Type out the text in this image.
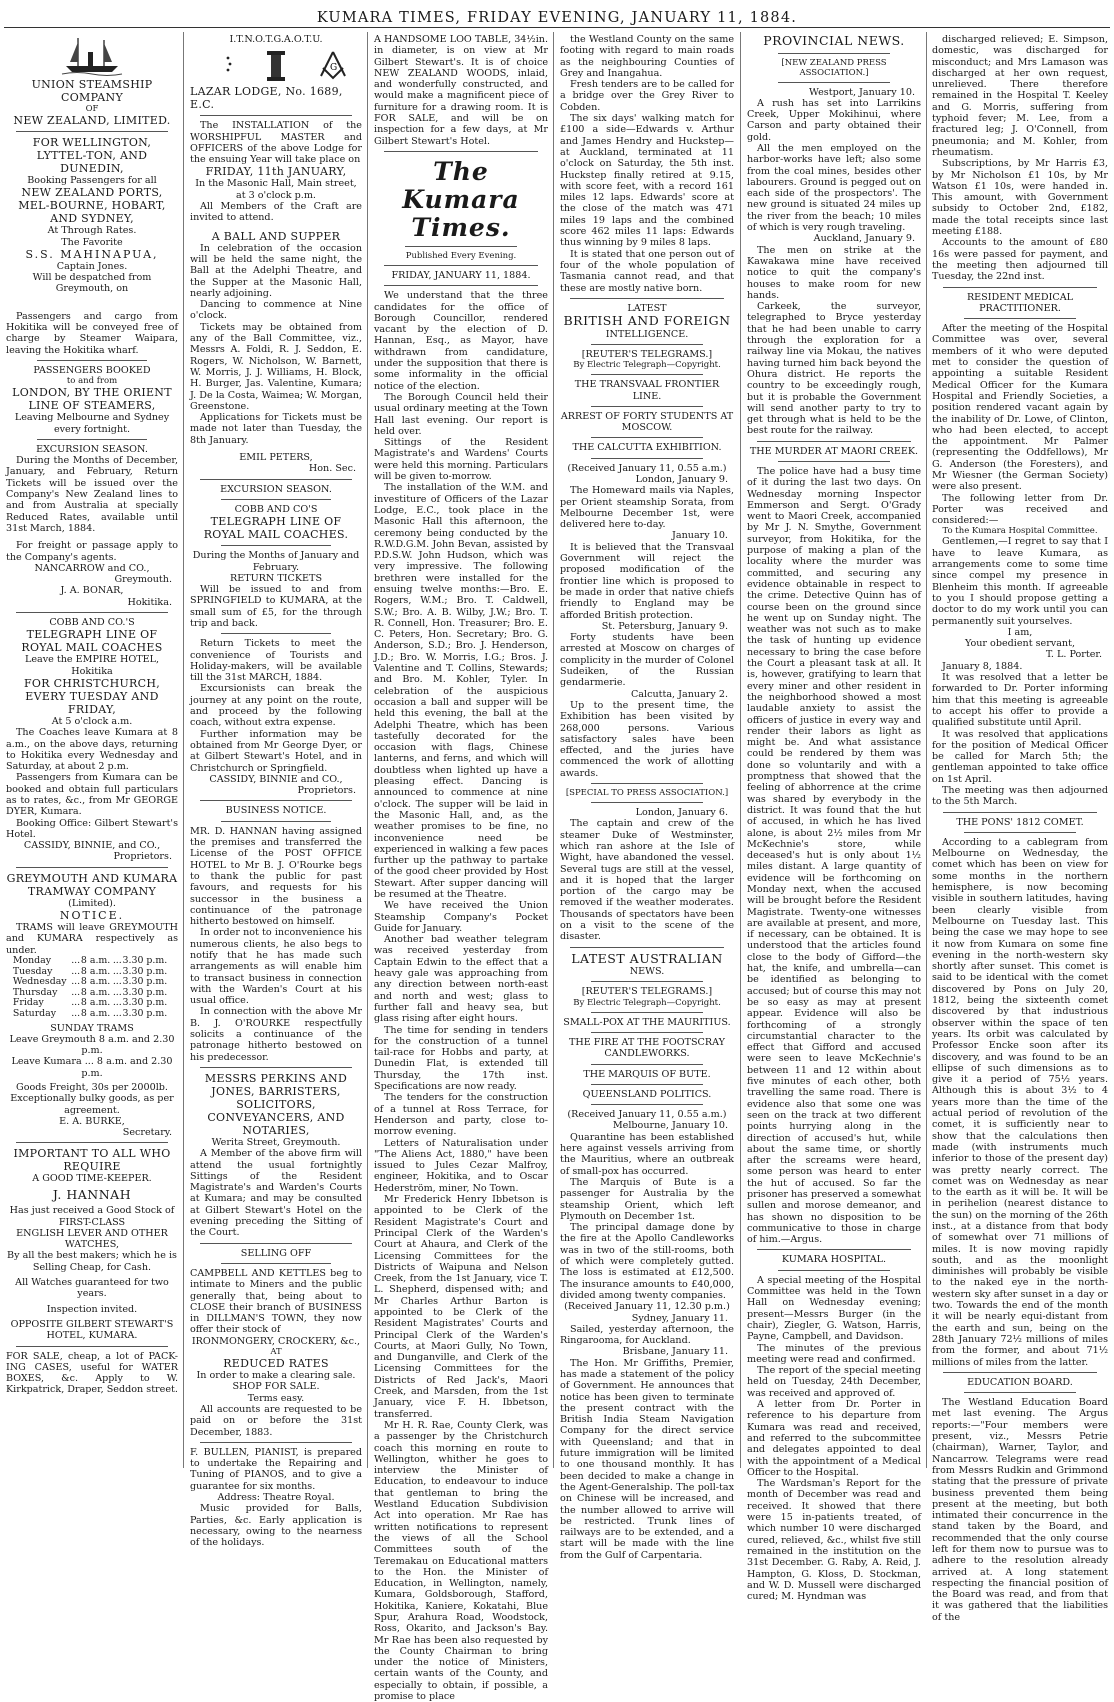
KUMARA TIMES, FRIDAY EVENING, JANUARY 11, 1884.
UNION STEAMSHIP COMPANY
OF
NEW ZEALAND, LIMITED.
FOR WELLINGTON, LYTTEL-TON, AND DUNEDIN,
Booking Passengers for all
NEW ZEALAND PORTS, MEL-BOURNE, HOBART, AND SYDNEY,
At Through Rates.
The Favorite
S.S. MAHINAPUA,
Captain Jones.
Will be despatched from Greymouth, on
Passengers and cargo from Hokitika will be conveyed free of charge by Steamer Waipara, leaving the Hokitika wharf.
PASSENGERS BOOKED
to and from
LONDON, BY THE ORIENT LINE OF STEAMERS,
Leaving Melbourne and Sydney every fortnight.
EXCURSION SEASON.
During the Months of December, January, and February, Return Tickets will be issued over the Company's New Zealand lines to and from Australia at specially Reduced Rates, available until 31st March, 1884.
For freight or passage apply to the Company's agents.
NANCARROW and CO.,
Greymouth.
J. A. BONAR,
Hokitika.
COBB AND CO.'S
TELEGRAPH LINE OF ROYAL MAIL COACHES
Leave the EMPIRE HOTEL, Hokitika
FOR CHRISTCHURCH,
EVERY TUESDAY AND FRIDAY,
At 5 o'clock a.m.
The Coaches leave Kumara at 8 a.m., on the above days, returning to Hokitika every Wednesday and Saturday, at about 2 p.m.
Passengers from Kumara can be booked and obtain full particulars as to rates, &c., from Mr GEORGE DYER, Kumara.
Booking Office: Gilbert Stewart's Hotel.
CASSIDY, BINNIE, and CO.,
Proprietors.
GREYMOUTH AND KUMARA TRAMWAY COMPANY
(Limited).
NOTICE.
TRAMS will leave GREYMOUTH and KUMARA respectively as under.
Monday	...	8 a.m.	...	3.30 p.m.
Tuesday	...	8 a.m.	...	3.30 p.m.
Wednesday	...	8 a.m.	...	3.30 p.m.
Thursday	...	8 a.m.	...	3.30 p.m.
Friday	...	8 a.m.	...	3.30 p.m.
Saturday	...	8 a.m.	...	3.30 p.m.
SUNDAY TRAMS
Leave Greymouth 8 a.m. and 2.30 p.m.
Leave Kumara ... 8 a.m. and 2.30 p.m.
Goods Freight, 30s per 2000lb.
Exceptionally bulky goods, as per agreement.
E. A. BURKE,
Secretary.
IMPORTANT TO ALL WHO REQUIRE
A GOOD TIME-KEEPER.
J. HANNAH
Has just received a Good Stock of
FIRST-CLASS
ENGLISH LEVER AND OTHER WATCHES,
By all the best makers; which he is Selling Cheap, for Cash.
All Watches guaranteed for two years.
Inspection invited.
OPPOSITE GILBERT STEWART'S HOTEL, KUMARA.
FOR SALE, cheap, a lot of PACK-ING CASES, useful for WATER BOXES, &c. Apply to W. Kirkpatrick, Draper, Seddon street.
I.T.N.O.T.G.A.O.T.U.
G
LAZAR LODGE, No. 1689, E.C.
The INSTALLATION of the WORSHIPFUL MASTER and OFFICERS of the above Lodge for the ensuing Year will take place on
FRIDAY, 11th JANUARY,
In the Masonic Hall, Main street, at 3 o'clock p.m.
All Members of the Craft are invited to attend.
A BALL AND SUPPER
In celebration of the occasion will be held the same night, the Ball at the Adelphi Theatre, and the Supper at the Masonic Hall, nearly adjoining.
Dancing to commence at Nine o'clock.
Tickets may be obtained from any of the Ball Committee, viz., Messrs A. Foldi, R. J. Seddon, E. Rogers, W. Nicholson, W. Barnett, W. Morris, J. J. Williams, H. Block, H. Burger, Jas. Valentine, Kumara; J. De la Costa, Waimea; W. Morgan, Greenstone.
Applications for Tickets must be made not later than Tuesday, the 8th January.
EMIL PETERS,
Hon. Sec.
EXCURSION SEASON.
COBB AND CO'S
TELEGRAPH LINE OF ROYAL MAIL COACHES.
During the Months of January and February.
RETURN TICKETS
Will be issued to and from SPRINGFIELD to KUMARA, at the small sum of £5, for the through trip and back.
Return Tickets to meet the convenience of Tourists and Holiday-makers, will be available till the 31st MARCH, 1884.
Excursionists can break the journey at any point on the route, and proceed by the following coach, without extra expense.
Further information may be obtained from Mr George Dyer, or at Gilbert Stewart's Hotel, and in Christchurch or Springfield.
CASSIDY, BINNIE and CO.,
Proprietors.
BUSINESS NOTICE.
MR. D. HANNAN having assigned the premises and transferred the License of the POST OFFICE HOTEL to Mr B. J. O'Rourke begs to thank the public for past favours, and requests for his successor in the business a continuance of the patronage hitherto bestowed on himself.
In order not to inconvenience his numerous clients, he also begs to notify that he has made such arrangements as will enable him to transact business in connection with the Warden's Court at his usual office.
In connection with the above Mr B. J. O'ROURKE respectfully solicits a continuance of the patronage hitherto bestowed on his predecessor.
MESSRS PERKINS AND JONES, BARRISTERS,
SOLICITORS, CONVEYANCERS, AND NOTARIES,
Werita Street, Greymouth.
A Member of the above firm will attend the usual fortnightly Sittings of the Resident Magistrate's and Warden's Courts at Kumara; and may be consulted at Gilbert Stewart's Hotel on the evening preceding the Sitting of the Court.
SELLING OFF
CAMPBELL AND KETTLES beg to intimate to Miners and the public generally that, being about to CLOSE their branch of BUSINESS in DILLMAN'S TOWN, they now offer their stock of
IRONMONGERY, CROCKERY, &c.,
AT
REDUCED RATES
In order to make a clearing sale.
SHOP FOR SALE.
Terms easy.
All accounts are requested to be paid on or before the 31st December, 1883.
F. BULLEN, PIANIST, is prepared to undertake the Repairing and Tuning of PIANOS, and to give a guarantee for six months.
Address: Theatre Royal.
Music provided for Balls, Parties, &c. Early application is necessary, owing to the nearness of the holidays.
A HANDSOME LOO TABLE, 34½in. in diameter, is on view at Mr Gilbert Stewart's. It is of choice NEW ZEALAND WOODS, inlaid, and wonderfully constructed, and would make a magnificent piece of furniture for a drawing room. It is FOR SALE, and will be on inspection for a few days, at Mr Gilbert Stewart's Hotel.
The Kumara Times.
Published Every Evening.
FRIDAY, JANUARY 11, 1884.
We understand that the three candidates for the office of Borough Councillor, rendered vacant by the election of D. Hannan, Esq., as Mayor, have withdrawn from candidature, under the supposition that there is some informality in the official notice of the election.
The Borough Council held their usual ordinary meeting at the Town Hall last evening. Our report is held over.
Sittings of the Resident Magistrate's and Wardens' Courts were held this morning. Particulars will be given to-morrow.
The installation of the W.M. and investiture of Officers of the Lazar Lodge, E.C., took place in the Masonic Hall this afternoon, the ceremony being conducted by the R.W.D.G.M. John Bevan, assisted by P.D.S.W. John Hudson, which was very impressive. The following brethren were installed for the ensuing twelve months:—Bro. E. Rogers, W.M.; Bro. T. Caldwell, S.W.; Bro. A. B. Wilby, J.W.; Bro. T. R. Connell, Hon. Treasurer; Bro. E. C. Peters, Hon. Secretary; Bro. G. Anderson, S.D.; Bro. J. Henderson, J.D.; Bro. W. Morris, I.G.; Bros. J. Valentine and T. Collins, Stewards; and Bro. M. Kohler, Tyler. In celebration of the auspicious occasion a ball and supper will be held this evening, the ball at the Adelphi Theatre, which has been tastefully decorated for the occasion with flags, Chinese lanterns, and ferns, and which will doubtless when lighted up have a pleasing effect. Dancing is announced to commence at nine o'clock. The supper will be laid in the Masonic Hall, and, as the weather promises to be fine, no inconvenience need be experienced in walking a few paces further up the pathway to partake of the good cheer provided by Host Stewart. After supper dancing will be resumed at the Theatre.
We have received the Union Steamship Company's Pocket Guide for January.
Another bad weather telegram was received yesterday from Captain Edwin to the effect that a heavy gale was approaching from any direction between north-east and north and west; glass to further fall and heavy sea, but glass rising after eight hours.
The time for sending in tenders for the construction of a tunnel tail-race for Hobbs and party, at Dunedin Flat, is extended till Thursday, the 17th inst. Specifications are now ready.
The tenders for the construction of a tunnel at Ross Terrace, for Henderson and party, close to-morrow evening.
Letters of Naturalisation under "The Aliens Act, 1880," have been issued to Jules Cezar Malfroy, engineer, Hokitika, and to Oscar Hederström, miner, No Town.
Mr Frederick Henry Ibbetson is appointed to be Clerk of the Resident Magistrate's Court and Principal Clerk of the Warden's Court at Ahaura, and Clerk of the Licensing Committees for the Districts of Waipuna and Nelson Creek, from the 1st January, vice T. L. Shepherd, dispensed with; and Mr Charles Arthur Barton is appointed to be Clerk of the Resident Magistrates' Courts and Principal Clerk of the Warden's Courts, at Maori Gully, No Town, and Dunganville, and Clerk of the Licensing Committees for the Districts of Red Jack's, Maori Creek, and Marsden, from the 1st January, vice F. H. Ibbetson, transferred.
Mr H. R. Rae, County Clerk, was a passenger by the Christchurch coach this morning en route to Wellington, whither he goes to interview the Minister of Education, to endeavour to induce that gentleman to bring the Westland Education Subdivision Act into operation. Mr Rae has written notifications to represent the views of all the School Committees south of the Teremakau on Educational matters to the Hon. the Minister of Education, in Wellington, namely, Kumara, Goldsborough, Stafford, Hokitika, Kaniere, Kokatahi, Blue Spur, Arahura Road, Woodstock, Ross, Okarito, and Jackson's Bay. Mr Rae has been also requested by the County Chairman to bring under the notice of Ministers, certain wants of the County, and especially to obtain, if possible, a promise to place
the Westland County on the same footing with regard to main roads as the neighbouring Counties of Grey and Inangahua.
Fresh tenders are to be called for a bridge over the Grey River to Cobden.
The six days' walking match for £100 a side—Edwards v. Arthur and James Hendry and Huckstep—at Auckland, terminated at 11 o'clock on Saturday, the 5th inst. Huckstep finally retired at 9.15, with score feet, with a record 161 miles 12 laps. Edwards' score at the close of the match was 471 miles 19 laps and the combined score 462 miles 11 laps: Edwards thus winning by 9 miles 8 laps.
It is stated that one person out of four of the whole population of Tasmania cannot read, and that these are mostly native born.
LATEST
BRITISH AND FOREIGN
INTELLIGENCE.
[REUTER'S TELEGRAMS.]
By Electric Telegraph—Copyright.
THE TRANSVAAL FRONTIER LINE.
ARREST OF FORTY STUDENTS AT MOSCOW.
THE CALCUTTA EXHIBITION.
(Received January 11, 0.55 a.m.)
London, January 9.
The Homeward mails via Naples, per Orient steamship Sorata, from Melbourne December 1st, were delivered here to-day.
January 10.
It is believed that the Transvaal Government will reject the proposed modification of the frontier line which is proposed to be made in order that native chiefs friendly to England may be afforded British protection.
St. Petersburg, January 9.
Forty students have been arrested at Moscow on charges of complicity in the murder of Colonel Sudeiken, of the Russian gendarmerie.
Calcutta, January 2.
Up to the present time, the Exhibition has been visited by 268,000 persons. Various satisfactory sales have been effected, and the juries have commenced the work of allotting awards.
[SPECIAL TO PRESS ASSOCIATION.]
London, January 6.
The captain and crew of the steamer Duke of Westminster, which ran ashore at the Isle of Wight, have abandoned the vessel. Several tugs are still at the vessel, and it is hoped that the larger portion of the cargo may be removed if the weather moderates. Thousands of spectators have been on a visit to the scene of the disaster.
LATEST AUSTRALIAN
NEWS.
[REUTER'S TELEGRAMS.]
By Electric Telegraph—Copyright.
SMALL-POX AT THE MAURITIUS.
THE FIRE AT THE FOOTSCRAY CANDLEWORKS.
THE MARQUIS OF BUTE.
QUEENSLAND POLITICS.
(Received January 11, 0.55 a.m.)
Melbourne, January 10.
Quarantine has been established here against vessels arriving from the Mauritius, where an outbreak of small-pox has occurred.
The Marquis of Bute is a passenger for Australia by the steamship Orient, which left Plymouth on December 1st.
The principal damage done by the fire at the Apollo Candleworks was in two of the still-rooms, both of which were completely gutted. The loss is estimated at £12,500. The insurance amounts to £40,000, divided among twenty companies.
(Received January 11, 12.30 p.m.)
Sydney, January 11.
Sailed, yesterday afternoon, the Ringarooma, for Auckland.
Brisbane, January 11.
The Hon. Mr Griffiths, Premier, has made a statement of the policy of Government. He announces that notice has been given to terminate the present contract with the British India Steam Navigation Company for the direct service with Queensland; and that in future immigration will be limited to one thousand monthly. It has been decided to make a change in the Agent-Generalship. The poll-tax on Chinese will be increased, and the number allowed to arrive will be restricted. Trunk lines of railways are to be extended, and a start will be made with the line from the Gulf of Carpentaria.
PROVINCIAL NEWS.
[NEW ZEALAND PRESS ASSOCIATION.]
Westport, January 10.
A rush has set into Larrikins Creek, Upper Mokihinui, where Carson and party obtained their gold.
All the men employed on the harbor-works have left; also some from the coal mines, besides other labourers. Ground is pegged out on each side of the prospectors'. The new ground is situated 24 miles up the river from the beach; 10 miles of which is very rough traveling.
Auckland, January 9.
The men on strike at the Kawakawa mine have received notice to quit the company's houses to make room for new hands.
Carkeek, the surveyor, telegraphed to Bryce yesterday that he had been unable to carry through the exploration for a railway line via Mokau, the natives having turned him back beyond the Ohura district. He reports the country to be exceedingly rough, but it is probable the Government will send another party to try to get through what is held to be the best route for the railway.
THE MURDER AT MAORI CREEK.
The police have had a busy time of it during the last two days. On Wednesday morning Inspector Emmerson and Sergt. O'Grady went to Maori Creek, accompanied by Mr J. N. Smythe, Government surveyor, from Hokitika, for the purpose of making a plan of the locality where the murder was committed, and securing any evidence obtainable in respect to the crime. Detective Quinn has of course been on the ground since he went up on Sunday night. The weather was not such as to make the task of hunting up evidence necessary to bring the case before the Court a pleasant task at all. It is, however, gratifying to learn that every miner and other resident in the neighborhood showed a most laudable anxiety to assist the officers of justice in every way and render their labors as light as might be. And what assistance could be rendered by them was done so voluntarily and with a promptness that showed that the feeling of abhorrence at the crime was shared by everybody in the district. It was found that the hut of accused, in which he has lived alone, is about 2½ miles from Mr McKechnie's store, while deceased's hut is only about 1½ miles distant. A large quantity of evidence will be forthcoming on Monday next, when the accused will be brought before the Resident Magistrate. Twenty-one witnesses are available at present, and more, if necessary, can be obtained. It is understood that the articles found close to the body of Gifford—the hat, the knife, and umbrella—can be identified as belonging to accused; but of course this may not be so easy as may at present appear. Evidence will also be forthcoming of a strongly circumstantial character to the effect that Gifford and accused were seen to leave McKechnie's between 11 and 12 within about five minutes of each other, both travelling the same road. There is evidence also that some one was seen on the track at two different points hurrying along in the direction of accused's hut, while about the same time, or shortly after the screams were heard, some person was heard to enter the hut of accused. So far the prisoner has preserved a somewhat sullen and morose demeanor, and has shown no disposition to be communicative to those in charge of him.—Argus.
KUMARA HOSPITAL.
A special meeting of the Hospital Committee was held in the Town Hall on Wednesday evening; present—Messrs Burger (in the chair), Ziegler, G. Watson, Harris, Payne, Campbell, and Davidson.
The minutes of the previous meeting were read and confirmed.
The report of the special meeting held on Tuesday, 24th December, was received and approved of.
A letter from Dr. Porter in reference to his departure from Kumara was read and received, and referred to the subcommittee and delegates appointed to deal with the appointment of a Medical Officer to the Hospital.
The Wardsman's Report for the month of December was read and received. It showed that there were 15 in-patients treated, of which number 10 were discharged cured, relieved, &c., whilst five still remained in the institution on the 31st December. G. Raby, A. Reid, J. Hampton, G. Kloss, D. Stockman, and W. D. Mussell were discharged cured; M. Hyndman was
discharged relieved; E. Simpson, domestic, was discharged for misconduct; and Mrs Lamason was discharged at her own request, unrelieved. There therefore remained in the Hospital T. Keeley and G. Morris, suffering from typhoid fever; M. Lee, from a fractured leg; J. O'Connell, from pneumonia; and M. Kohler, from rheumatism.
Subscriptions, by Mr Harris £3, by Mr Nicholson £1 10s, by Mr Watson £1 10s, were handed in. This amount, with Government subsidy to October 2nd, £182, made the total receipts since last meeting £188.
Accounts to the amount of £80 16s were passed for payment, and the meeting then adjourned till Tuesday, the 22nd inst.
RESIDENT MEDICAL PRACTITIONER.
After the meeting of the Hospital Committee was over, several members of it who were deputed met to consider the question of appointing a suitable Resident Medical Officer for the Kumara Hospital and Friendly Societies, a position rendered vacant again by the inability of Dr. Lowe, of Clinton, who had been elected, to accept the appointment. Mr Palmer (representing the Oddfellows), Mr G. Anderson (the Foresters), and Mr Wiesner (the German Society) were also present.
The following letter from Dr. Porter was received and considered:—
To the Kumara Hospital Committee.
Gentlemen,—I regret to say that I have to leave Kumara, as arrangements come to some time since compel my presence in Blenheim this month. If agreeable to you I should propose getting a doctor to do my work until you can permanently suit yourselves.
I am,
Your obedient servant,
T. L. Porter.
January 8, 1884.
It was resolved that a letter be forwarded to Dr. Porter informing him that this meeting is agreeable to accept his offer to provide a qualified substitute until April.
It was resolved that applications for the position of Medical Officer be called for March 5th; the gentleman appointed to take office on 1st April.
The meeting was then adjourned to the 5th March.
THE PONS' 1812 COMET.
According to a cablegram from Melbourne on Wednesday, the comet which has been on view for some months in the northern hemisphere, is now becoming visible in southern latitudes, having been clearly visible from Melbourne on Tuesday last. This being the case we may hope to see it now from Kumara on some fine evening in the north-western sky shortly after sunset. This comet is said to be identical with the comet discovered by Pons on July 20, 1812, being the sixteenth comet discovered by that industrious observer within the space of ten years. Its orbit was calculated by Professor Encke soon after its discovery, and was found to be an ellipse of such dimensions as to give it a period of 75½ years. Although this is about 3½ to 4 years more than the time of the actual period of revolution of the comet, it is sufficiently near to show that the calculations then made (with instruments much inferior to those of the present day) was pretty nearly correct. The comet was on Wednesday as near to the earth as it will be. It will be in perihelion (nearest distance to the sun) on the morning of the 26th inst., at a distance from that body of somewhat over 71 millions of miles. It is now moving rapidly south, and as the moonlight diminishes will probably be visible to the naked eye in the north-western sky after sunset in a day or two. Towards the end of the month it will be nearly equi-distant from the earth and sun, being on the 28th January 72½ millions of miles from the former, and about 71½ millions of miles from the latter.
EDUCATION BOARD.
The Westland Education Board met last evening. The Argus reports:—"Four members were present, viz., Messrs Petrie (chairman), Warner, Taylor, and Nancarrow. Telegrams were read from Messrs Rudkin and Grimmond stating that the pressure of private business prevented them being present at the meeting, but both intimated their concurrence in the stand taken by the Board, and recommended that the only course left for them now to pursue was to adhere to the resolution already arrived at. A long statement respecting the financial position of the Board was read, and from that it was gathered that the liabilities of the
